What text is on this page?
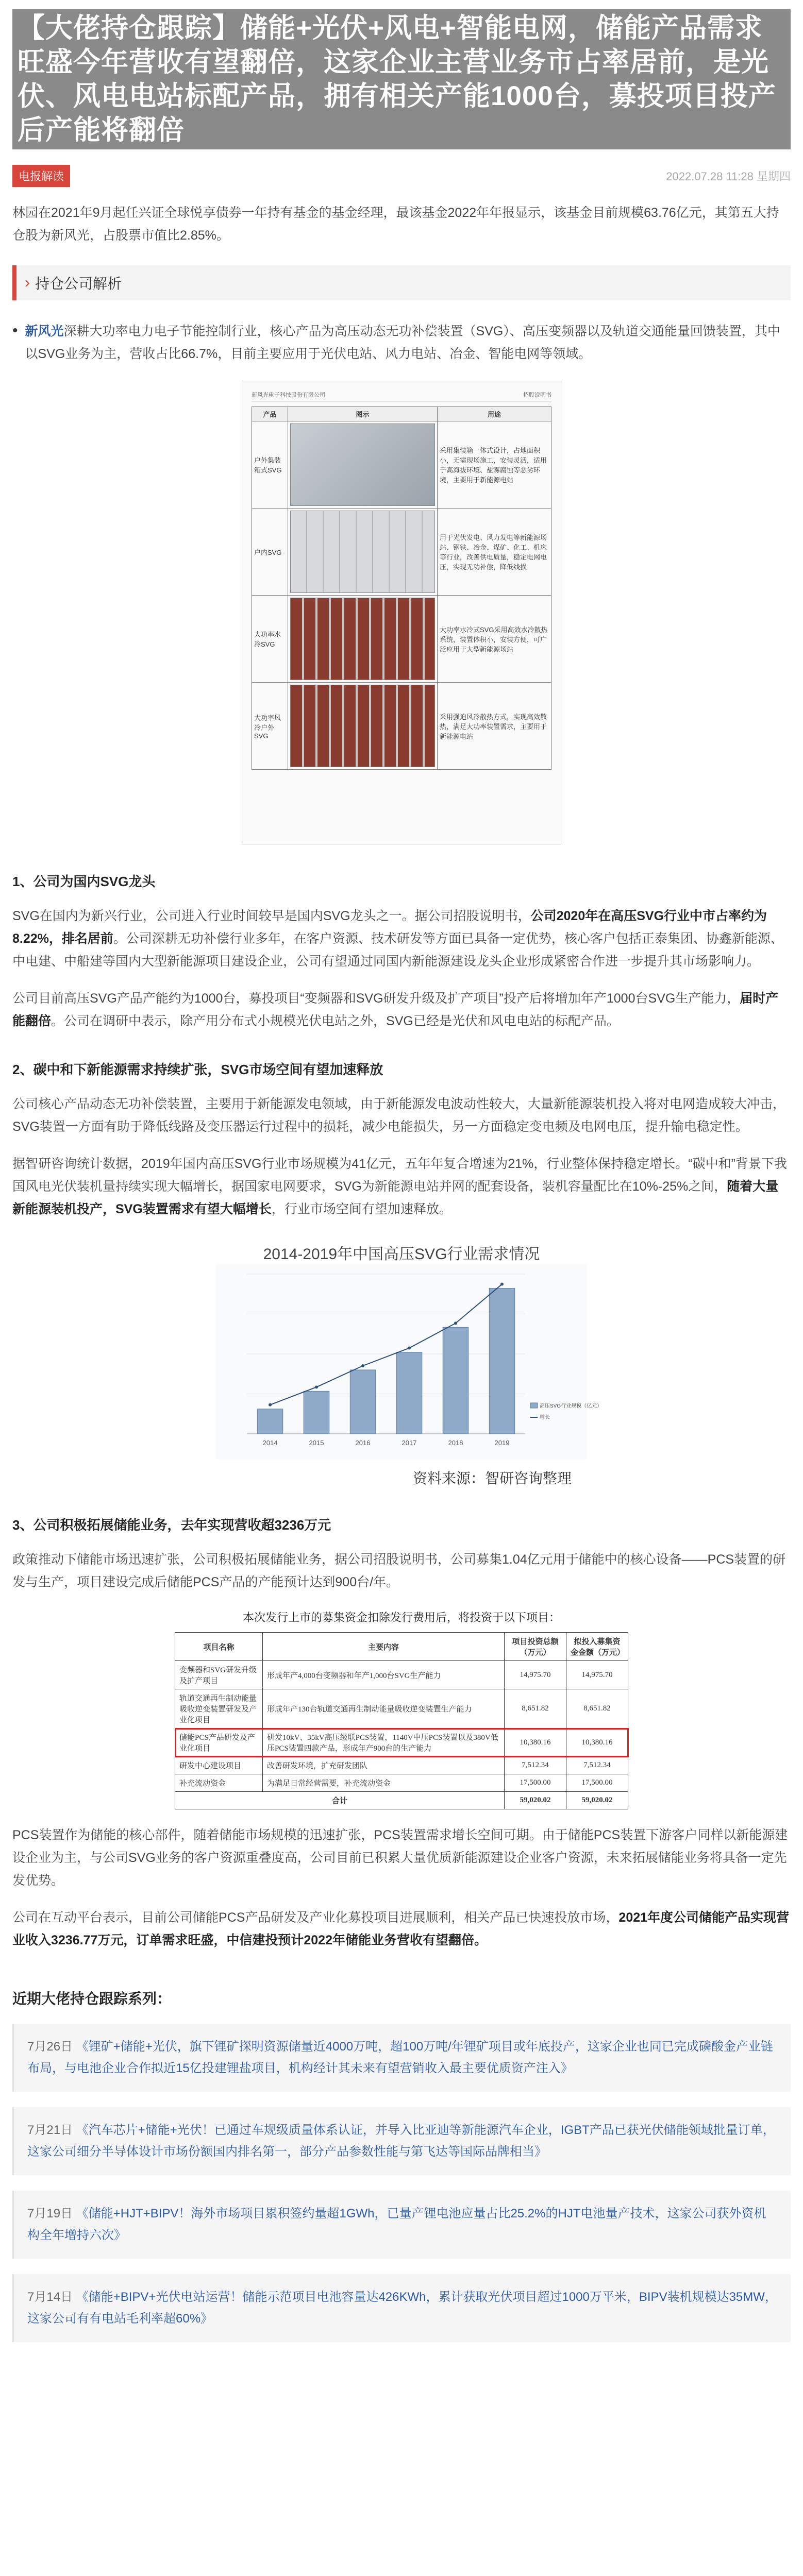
【大佬持仓跟踪】储能+光伏+风电+智能电网，储能产品需求旺盛今年营收有望翻倍，这家企业主营业务市占率居前，是光伏、风电电站标配产品，拥有相关产能1000台，募投项目投产后产能将翻倍
电报解读	2022.07.28 11:28 星期四

林园在2021年9月起任兴证全球悦享债券一年持有基金的基金经理，最该基金2022年年报显示，该基金目前规模63.76亿元，其第五大持仓股为新风光，占股票市值比2.85%。

› 持仓公司解析
• 新风光深耕大功率电力电子节能控制行业，核心产品为高压动态无功补偿装置（SVG）、高压变频器以及轨道交通能量回馈装置，其中以SVG业务为主，营收占比66.7%，目前主要应用于光伏电站、风力电站、冶金、智能电网等领域。

新风光电子科技股份有限公司	招股说明书
产品	图示	用途
户外集装箱式SVG		采用集装箱一体式设计，占地面积小，无需现场施工，安装灵活，适用于高海拔环境、盐雾腐蚀等恶劣环境，主要用于新能源电站
户内SVG		用于光伏发电、风力发电等新能源场站、钢铁、冶金、煤矿、化工、机床等行业，改善供电质量，稳定电网电压，实现无功补偿，降低线损
大功率水冷SVG		大功率水冷式SVG采用高效水冷散热系统，装置体积小，安装方便，可广泛应用于大型新能源场站
大功率风冷户外SVG		采用强迫风冷散热方式，实现高效散热，满足大功率装置需求，主要用于新能源电站
1、公司为国内SVG龙头

SVG在国内为新兴行业，公司进入行业时间较早是国内SVG龙头之一。据公司招股说明书，公司2020年在高压SVG行业中市占率约为8.22%，排名居前。公司深耕无功补偿行业多年，在客户资源、技术研发等方面已具备一定优势，核心客户包括正泰集团、协鑫新能源、中电建、中船建等国内大型新能源项目建设企业，公司有望通过同国内新能源建设龙头企业形成紧密合作进一步提升其市场影响力。

公司目前高压SVG产品产能约为1000台，募投项目“变频器和SVG研发升级及扩产项目”投产后将增加年产1000台SVG生产能力，届时产能翻倍。公司在调研中表示，除产用分布式小规模光伏电站之外，SVG已经是光伏和风电电站的标配产品。

2、碳中和下新能源需求持续扩张，SVG市场空间有望加速释放

公司核心产品动态无功补偿装置，主要用于新能源发电领域，由于新能源发电波动性较大，大量新能源装机投入将对电网造成较大冲击，SVG装置一方面有助于降低线路及变压器运行过程中的损耗，减少电能损失，另一方面稳定变电频及电网电压，提升输电稳定性。

据智研咨询统计数据，2019年国内高压SVG行业市场规模为41亿元，五年年复合增速为21%，行业整体保持稳定增长。“碳中和”背景下我国风电光伏装机量持续实现大幅增长，据国家电网要求，SVG为新能源电站并网的配套设备，装机容量配比在10%-25%之间，随着大量新能源装机投产，SVG装置需求有望大幅增长，行业市场空间有望加速释放。

2014-2019年中国高压SVG行业需求情况
2014	2015	2016	2017	2018	2019
高压SVG行业规模（亿元）
增长
资料来源：智研咨询整理
3、公司积极拓展储能业务，去年实现营收超3236万元

政策推动下储能市场迅速扩张，公司积极拓展储能业务，据公司招股说明书，公司募集1.04亿元用于储能中的核心设备——PCS装置的研发与生产，项目建设完成后储能PCS产品的产能预计达到900台/年。

本次发行上市的募集资金扣除发行费用后，将投资于以下项目：
项目名称	主要内容	项目投资总额（万元）	拟投入募集资金金额（万元）
变频器和SVG研发升级及扩产项目	形成年产4,000台变频器和年产1,000台SVG生产能力	14,975.70	14,975.70
轨道交通再生制动能量吸收逆变装置研发及产业化项目	形成年产130台轨道交通再生制动能量吸收逆变装置生产能力	8,651.82	8,651.82
储能PCS产品研发及产业化项目	研发10kV、35kV高压级联PCS装置，1140V中压PCS装置以及380V低压PCS装置四款产品，形成年产900台的生产能力	10,380.16	10,380.16
研发中心建设项目	改善研发环境，扩充研发团队	7,512.34	7,512.34
补充流动资金	为满足日常经营需要，补充流动资金	17,500.00	17,500.00
合计		59,020.02	59,020.02

PCS装置作为储能的核心部件，随着储能市场规模的迅速扩张，PCS装置需求增长空间可期。由于储能PCS装置下游客户同样以新能源建设企业为主，与公司SVG业务的客户资源重叠度高，公司目前已积累大量优质新能源建设企业客户资源，未来拓展储能业务将具备一定先发优势。

公司在互动平台表示，目前公司储能PCS产品研发及产业化募投项目进展顺利，相关产品已快速投放市场，2021年度公司储能产品实现营业收入3236.77万元，订单需求旺盛，中信建投预计2022年储能业务营收有望翻倍。

近期大佬持仓跟踪系列：
7月26日 《锂矿+储能+光伏，旗下锂矿探明资源储量近4000万吨，超100万吨/年锂矿项目或年底投产，这家企业也同已完成磷酸金产业链布局，与电池企业合作拟近15亿投建锂盐项目，机构经计其未来有望营销收入最主要优质资产注入》
7月21日 《汽车芯片+储能+光伏！已通过车规级质量体系认证，并导入比亚迪等新能源汽车企业，IGBT产品已获光伏储能领域批量订单，这家公司细分半导体设计市场份额国内排名第一，部分产品参数性能与第飞达等国际品牌相当》
7月19日 《储能+HJT+BIPV！海外市场项目累积签约量超1GWh，已量产锂电池应量占比25.2%的HJT电池量产技术，这家公司获外资机构全年增持六次》
7月14日 《储能+BIPV+光伏电站运营！储能示范项目电池容量达426KWh，累计获取光伏项目超过1000万平米，BIPV装机规模达35MW，这家公司有有电站毛利率超60%》
